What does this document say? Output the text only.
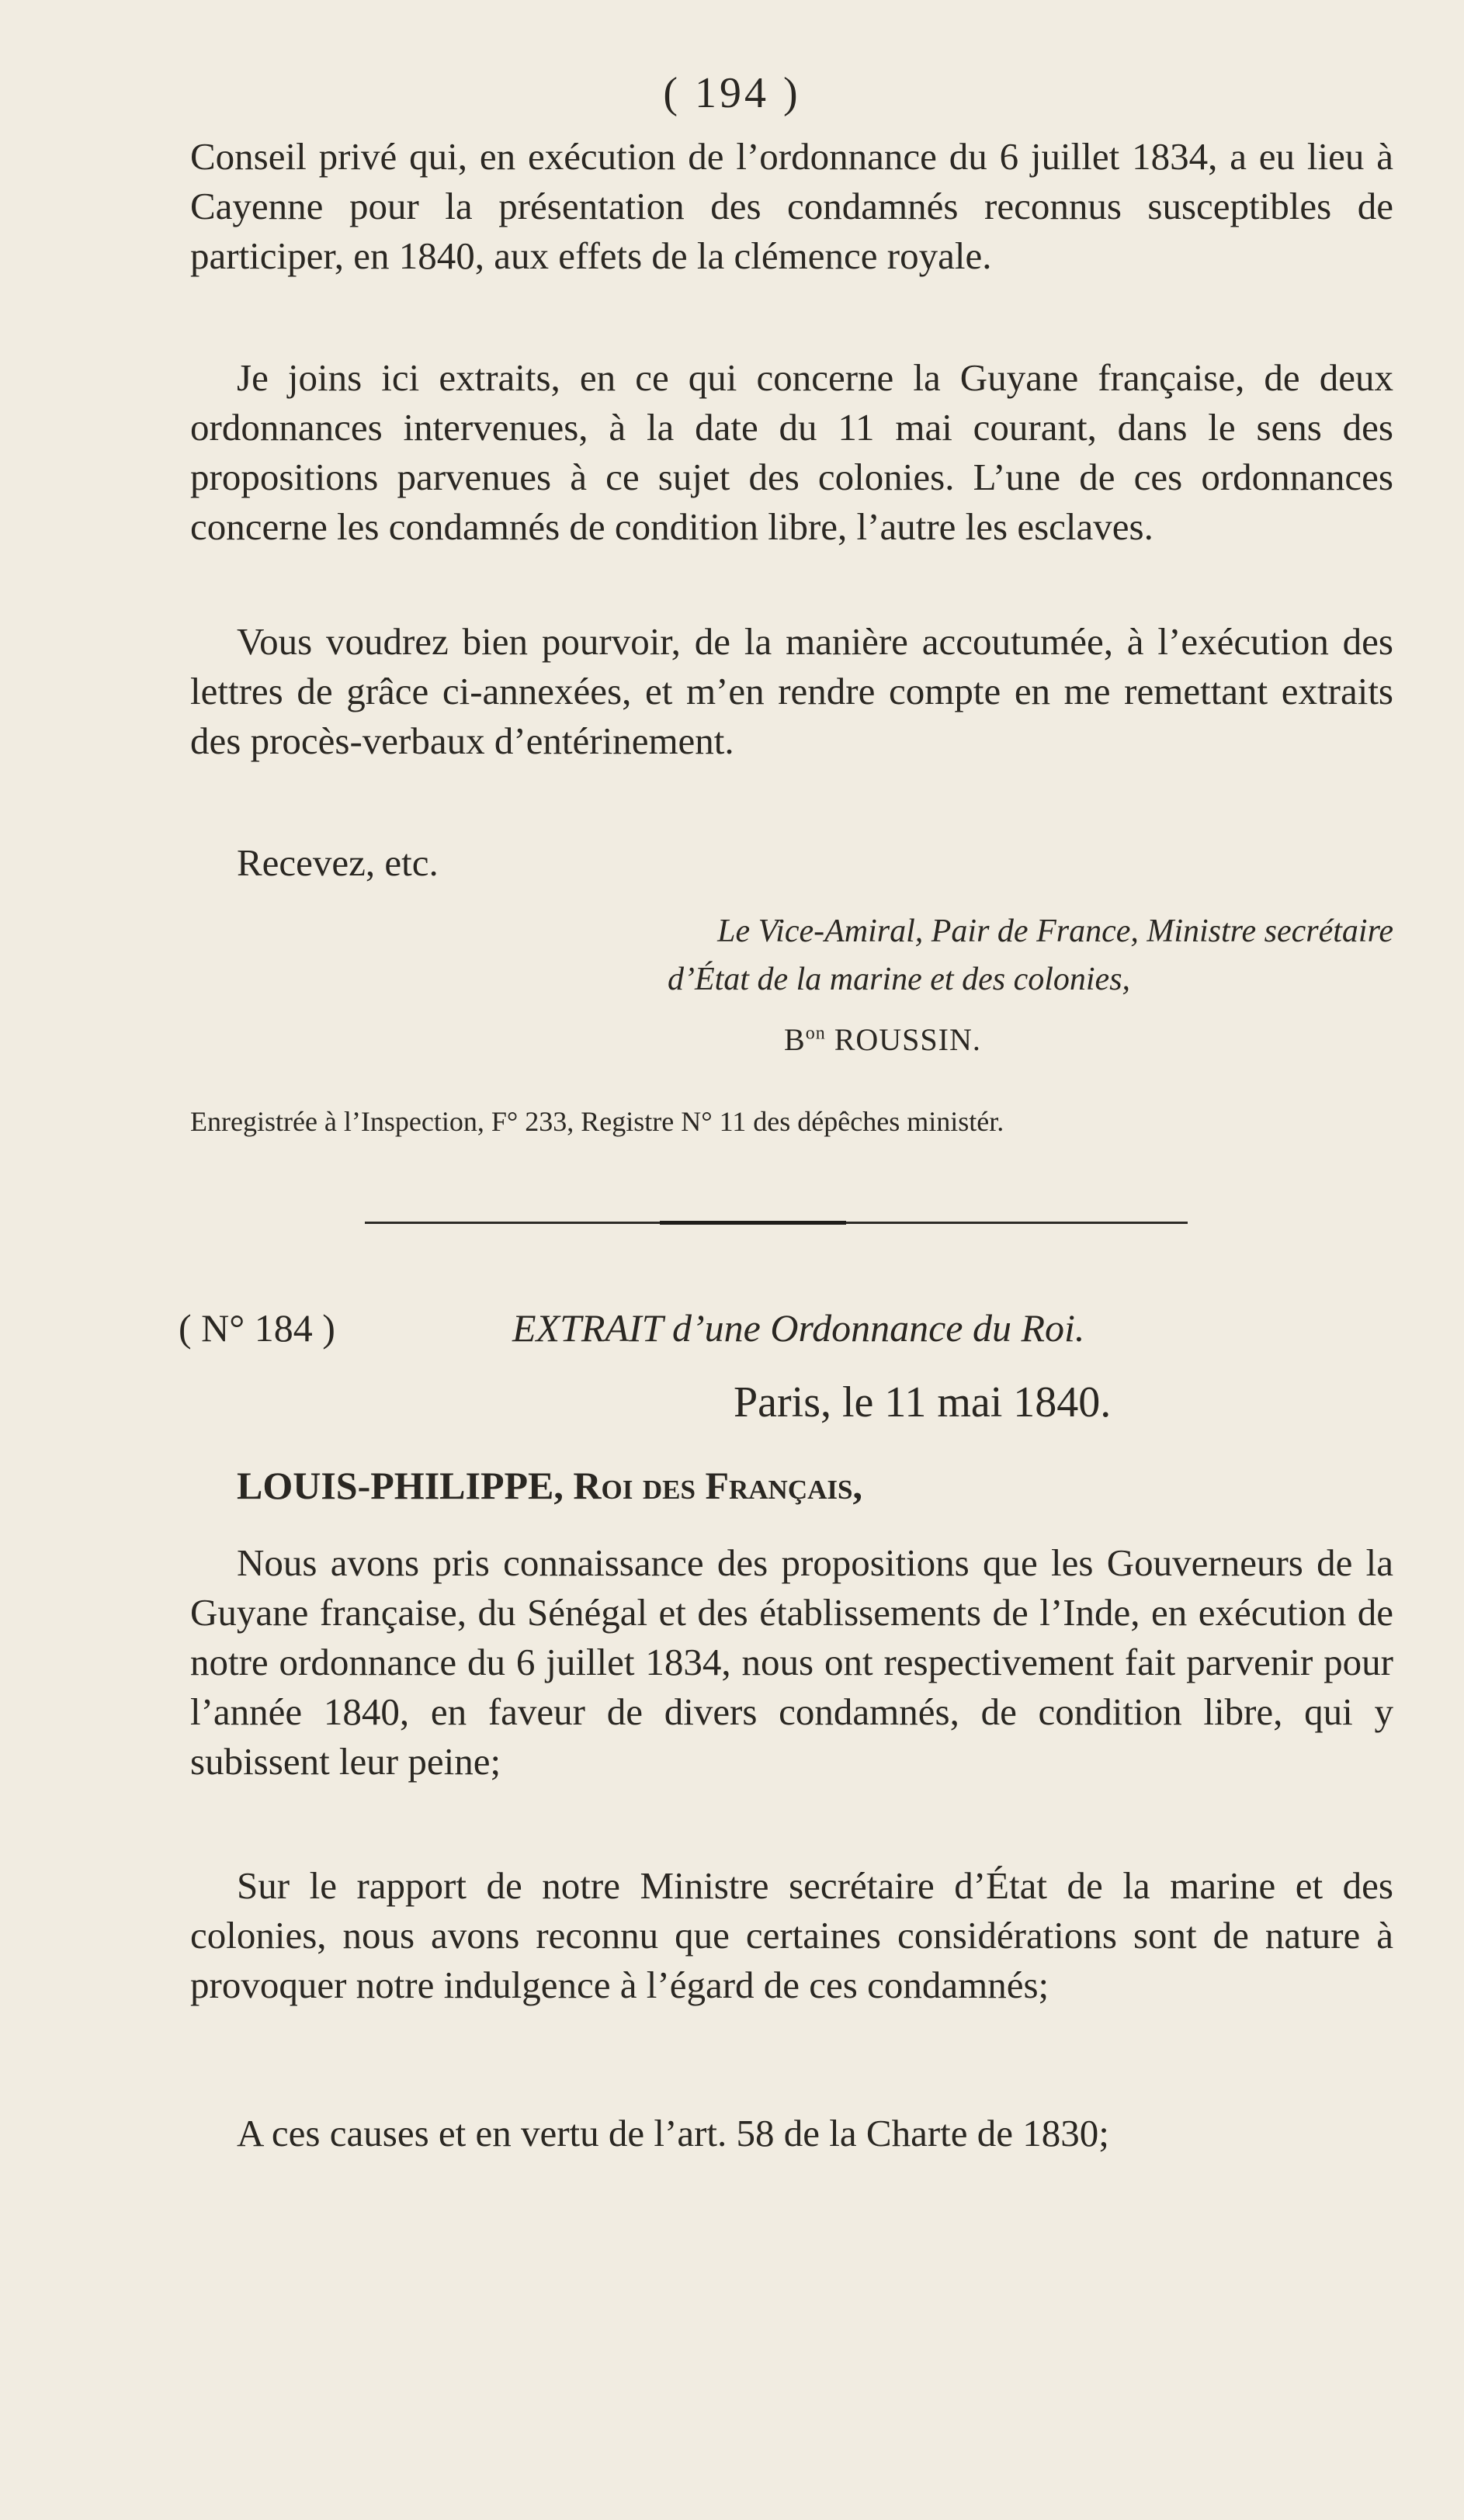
( 194 )

Conseil privé qui, en exécution de l’ordonnance du 6 juillet 1834, a eu lieu à Cayenne pour la présentation des condamnés reconnus susceptibles de participer, en 1840, aux effets de la clémence royale.

Je joins ici extraits, en ce qui concerne la Guyane française, de deux ordonnances intervenues, à la date du 11 mai courant, dans le sens des propositions parvenues à ce sujet des colonies. L’une de ces ordonnances concerne les condamnés de condition libre, l’autre les esclaves.

Vous voudrez bien pourvoir, de la manière accoutumée, à l’exécution des lettres de grâce ci-annexées, et m’en rendre compte en me remettant extraits des procès-verbaux d’entérinement.

Recevez, etc.

Le Vice-Amiral, Pair de France, Ministre secrétaire
d’État de la marine et des colonies,
$B^{on}$ ROUSSIN.
Enregistrée à l’Inspection, F° 233, Registre N° 11 des dépêches ministér.
( N° 184 )	EXTRAIT d’une Ordonnance du Roi.
Paris, le 11 mai 1840.
LOUIS-PHILIPPE, Roi des Français,

Nous avons pris connaissance des propositions que les Gouverneurs de la Guyane française, du Sénégal et des établissements de l’Inde, en exécution de notre ordonnance du 6 juillet 1834, nous ont respectivement fait parvenir pour l’année 1840, en faveur de divers condamnés, de condition libre, qui y subissent leur peine;

Sur le rapport de notre Ministre secrétaire d’État de la marine et des colonies, nous avons reconnu que certaines considérations sont de nature à provoquer notre indulgence à l’égard de ces condamnés;

A ces causes et en vertu de l’art. 58 de la Charte de 1830;
